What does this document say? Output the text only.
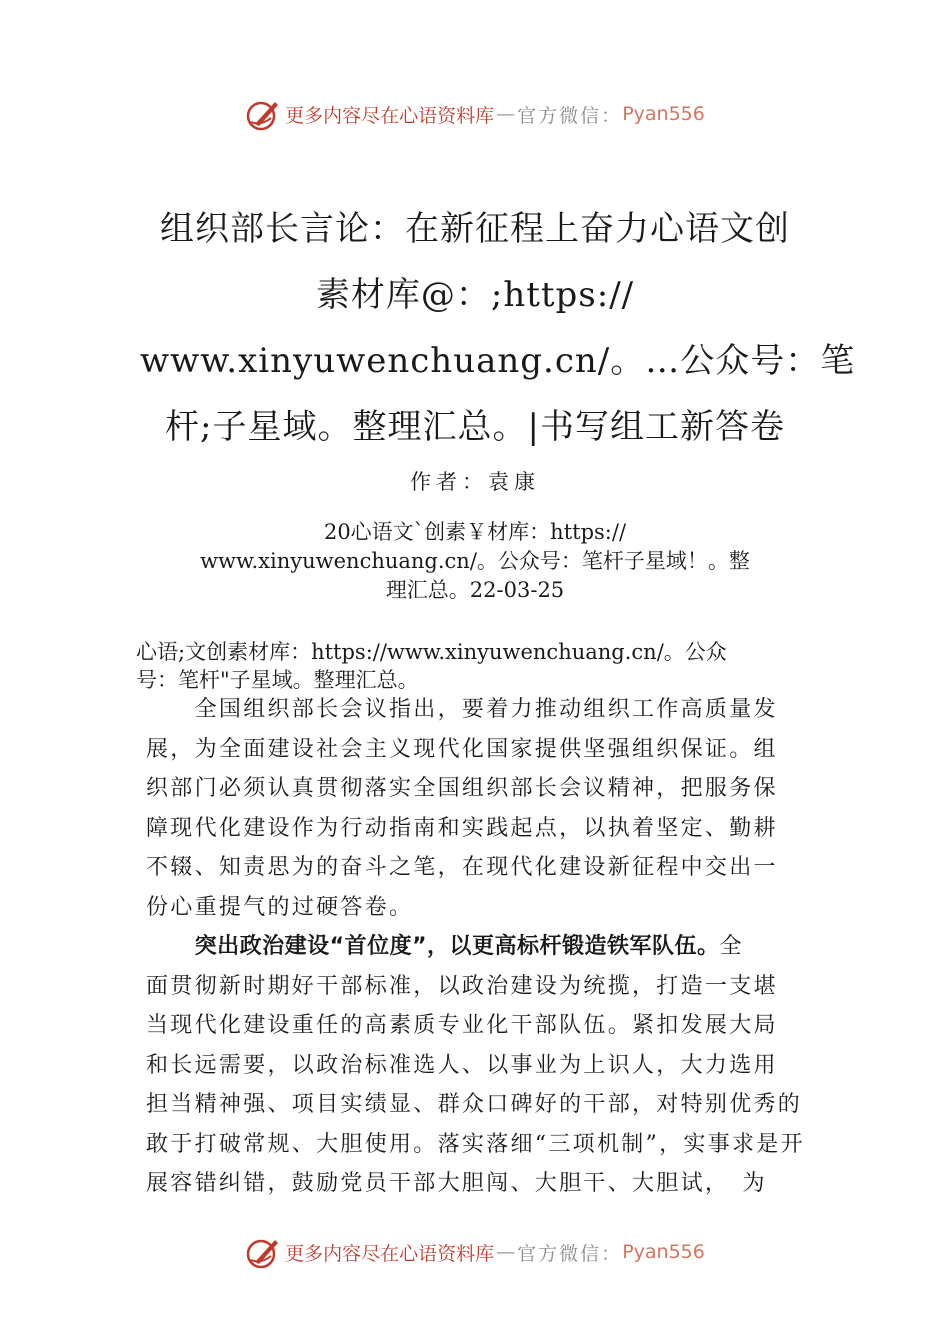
更多内容尽在心语资料库 — 官方微信： Pyan556
组织部长言论：在新征程上奋力心语文创
素材库@：;https://
www.xinyuwenchuang.cn/。…公众号：笔
杆;子星域。整理汇总。|书写组工新答卷
作者：袁康
20心语文`创素￥材库：https://
www.xinyuwenchuang.cn/。公众号：笔杆子星域！。整
理汇总。22-03-25
心语;文创素材库：https://www.xinyuwenchuang.cn/。公众
号：笔杆"子星域。整理汇总。
　　全国组织部长会议指出，要着力推动组织工作高质量发
展，为全面建设社会主义现代化国家提供坚强组织保证。组
织部门必须认真贯彻落实全国组织部长会议精神，把服务保
障现代化建设作为行动指南和实践起点，以执着坚定、勤耕
不辍、知责思为的奋斗之笔，在现代化建设新征程中交出一
份心重提气的过硬答卷。
　　突出政治建设“首位度”，以更高标杆锻造铁军队伍。全
面贯彻新时期好干部标准，以政治建设为统揽，打造一支堪
当现代化建设重任的高素质专业化干部队伍。紧扣发展大局
和长远需要，以政治标准选人、以事业为上识人，大力选用
担当精神强、项目实绩显、群众口碑好的干部，对特别优秀的
敢于打破常规、大胆使用。落实落细“三项机制”，实事求是开
展容错纠错，鼓励党员干部大胆闯、大胆干、大胆试，　为
更多内容尽在心语资料库 — 官方微信： Pyan556
